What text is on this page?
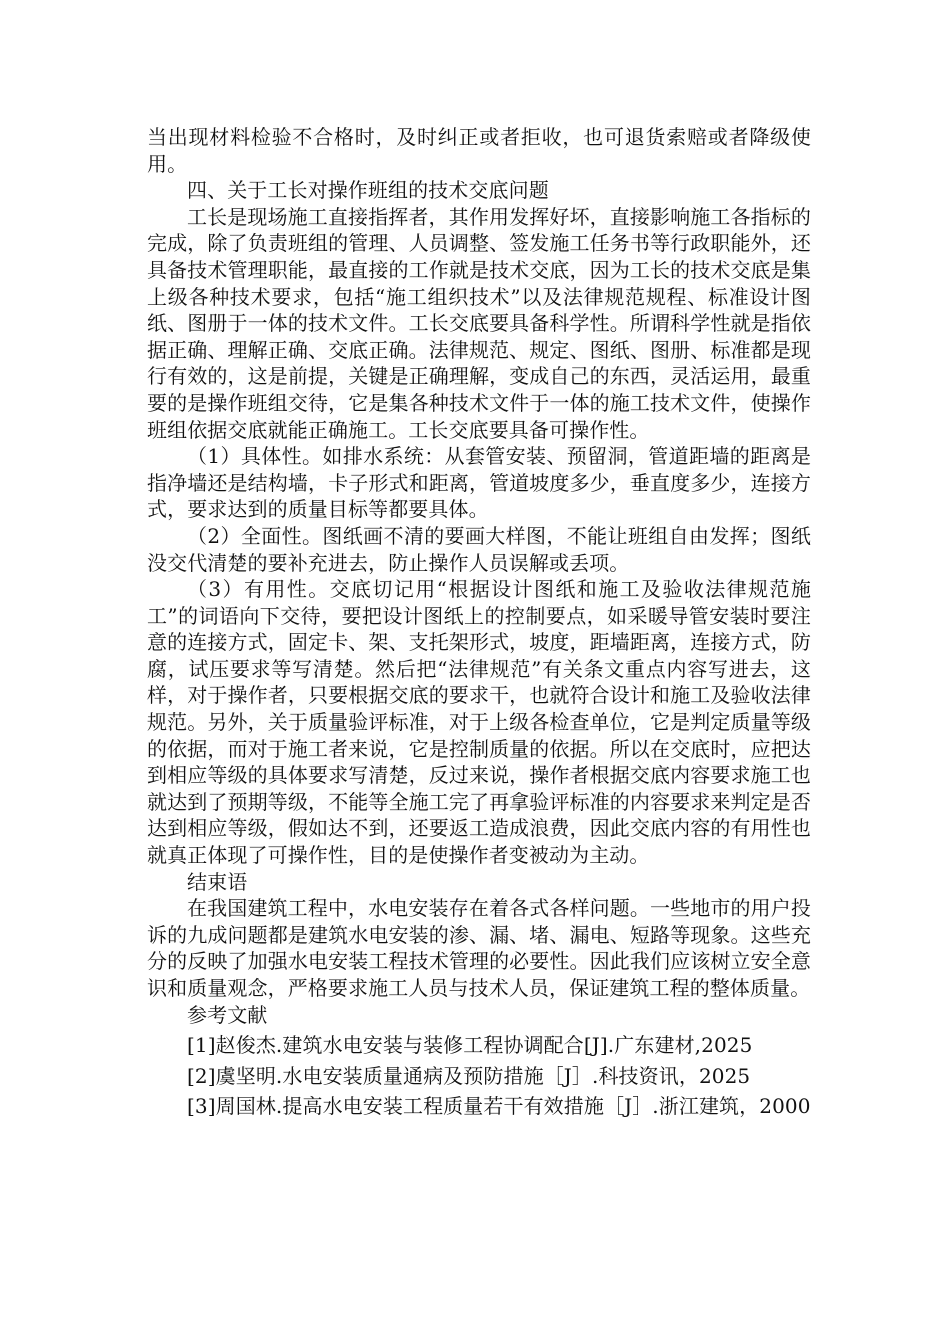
当出现材料检验不合格时，及时纠正或者拒收，也可退货索赔或者降级使用。

四、关于工长对操作班组的技术交底问题

工长是现场施工直接指挥者，其作用发挥好坏，直接影响施工各指标的完成，除了负责班组的管理、人员调整、签发施工任务书等行政职能外，还具备技术管理职能，最直接的工作就是技术交底，因为工长的技术交底是集上级各种技术要求，包括“施工组织技术”以及法律规范规程、标准设计图纸、图册于一体的技术文件。工长交底要具备科学性。所谓科学性就是指依据正确、理解正确、交底正确。法律规范、规定、图纸、图册、标准都是现行有效的，这是前提，关键是正确理解，变成自己的东西，灵活运用，最重要的是操作班组交待，它是集各种技术文件于一体的施工技术文件，使操作班组依据交底就能正确施工。工长交底要具备可操作性。

（1）具体性。如排水系统：从套管安装、预留洞，管道距墙的距离是指净墙还是结构墙，卡子形式和距离，管道坡度多少，垂直度多少，连接方式，要求达到的质量目标等都要具体。

（2）全面性。图纸画不清的要画大样图，不能让班组自由发挥；图纸没交代清楚的要补充进去，防止操作人员误解或丢项。

（3）有用性。交底切记用“根据设计图纸和施工及验收法律规范施工”的词语向下交待，要把设计图纸上的控制要点，如采暖导管安装时要注意的连接方式，固定卡、架、支托架形式，坡度，距墙距离，连接方式，防腐，试压要求等写清楚。然后把“法律规范”有关条文重点内容写进去，这样，对于操作者，只要根据交底的要求干，也就符合设计和施工及验收法律规范。另外，关于质量验评标准，对于上级各检查单位，它是判定质量等级的依据，而对于施工者来说，它是控制质量的依据。所以在交底时，应把达到相应等级的具体要求写清楚，反过来说，操作者根据交底内容要求施工也就达到了预期等级，不能等全施工完了再拿验评标准的内容要求来判定是否达到相应等级，假如达不到，还要返工造成浪费，因此交底内容的有用性也就真正体现了可操作性，目的是使操作者变被动为主动。

结束语

在我国建筑工程中，水电安装存在着各式各样问题。一些地市的用户投诉的九成问题都是建筑水电安装的渗、漏、堵、漏电、短路等现象。这些充分的反映了加强水电安装工程技术管理的必要性。因此我们应该树立安全意识和质量观念，严格要求施工人员与技术人员，保证建筑工程的整体质量。

参考文献

[1]赵俊杰.建筑水电安装与装修工程协调配合[J].广东建材,2025

[2]虞坚明.水电安装质量通病及预防措施［J］.科技资讯，2025

[3]周国林.提高水电安装工程质量若干有效措施［J］.浙江建筑，2000
